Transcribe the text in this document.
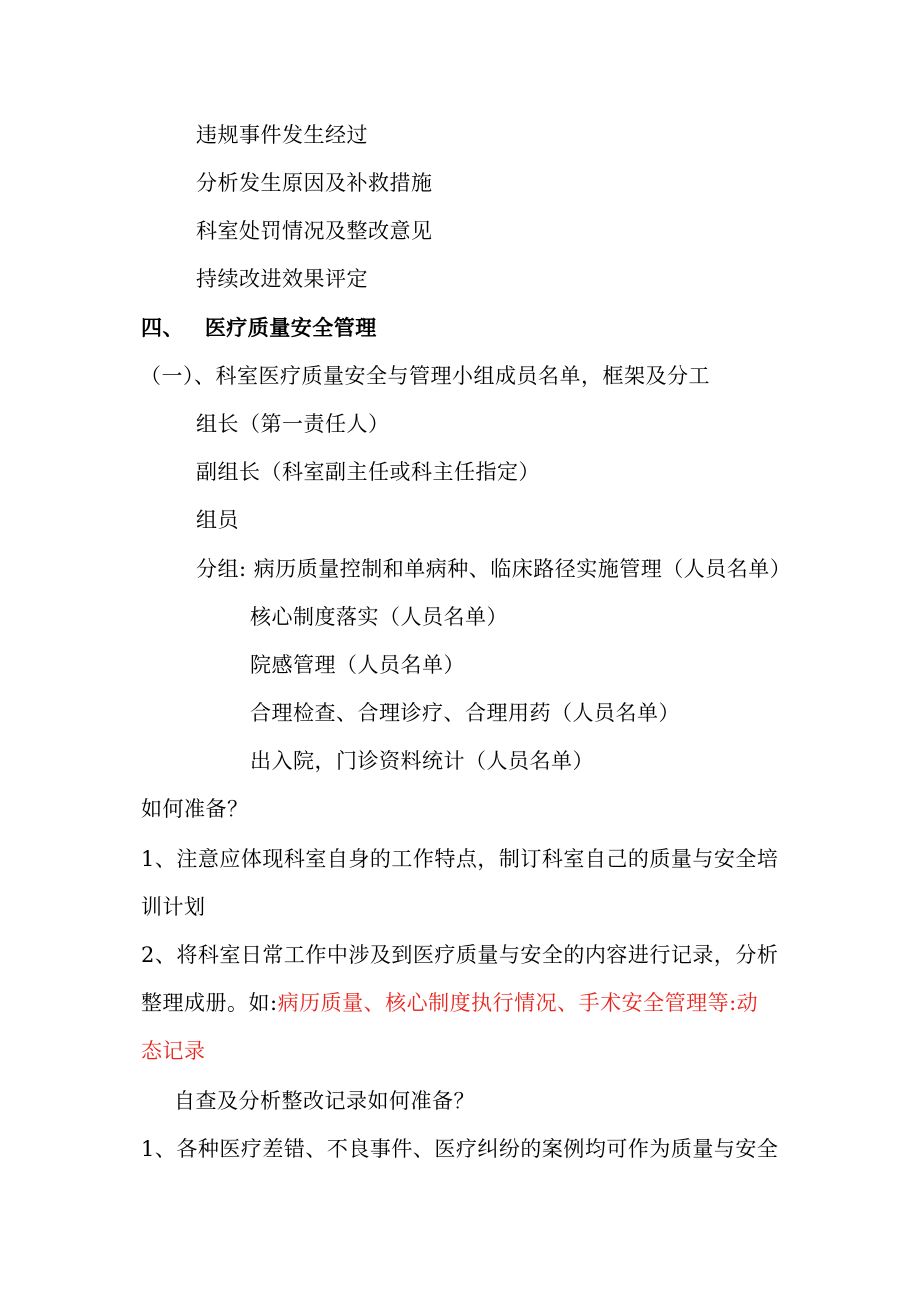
违规事件发生经过
分析发生原因及补救措施
科室处罚情况及整改意见
持续改进效果评定
四、 医疗质量安全管理
（一）、科室医疗质量安全与管理小组成员名单，框架及分工
组长（第一责任人）
副组长（科室副主任或科主任指定）
组员
分组: 病历质量控制和单病种、临床路径实施管理（人员名单）
核心制度落实（人员名单）
院感管理（人员名单）
合理检查、合理诊疗、合理用药（人员名单）
出入院，门诊资料统计（人员名单）
如何准备？
1、注意应体现科室自身的工作特点，制订科室自己的质量与安全培
训计划
2、将科室日常工作中涉及到医疗质量与安全的内容进行记录，分析
整理成册。如:病历质量、核心制度执行情况、手术安全管理等:动
态记录
自查及分析整改记录如何准备？
1、各种医疗差错、不良事件、医疗纠纷的案例均可作为质量与安全
